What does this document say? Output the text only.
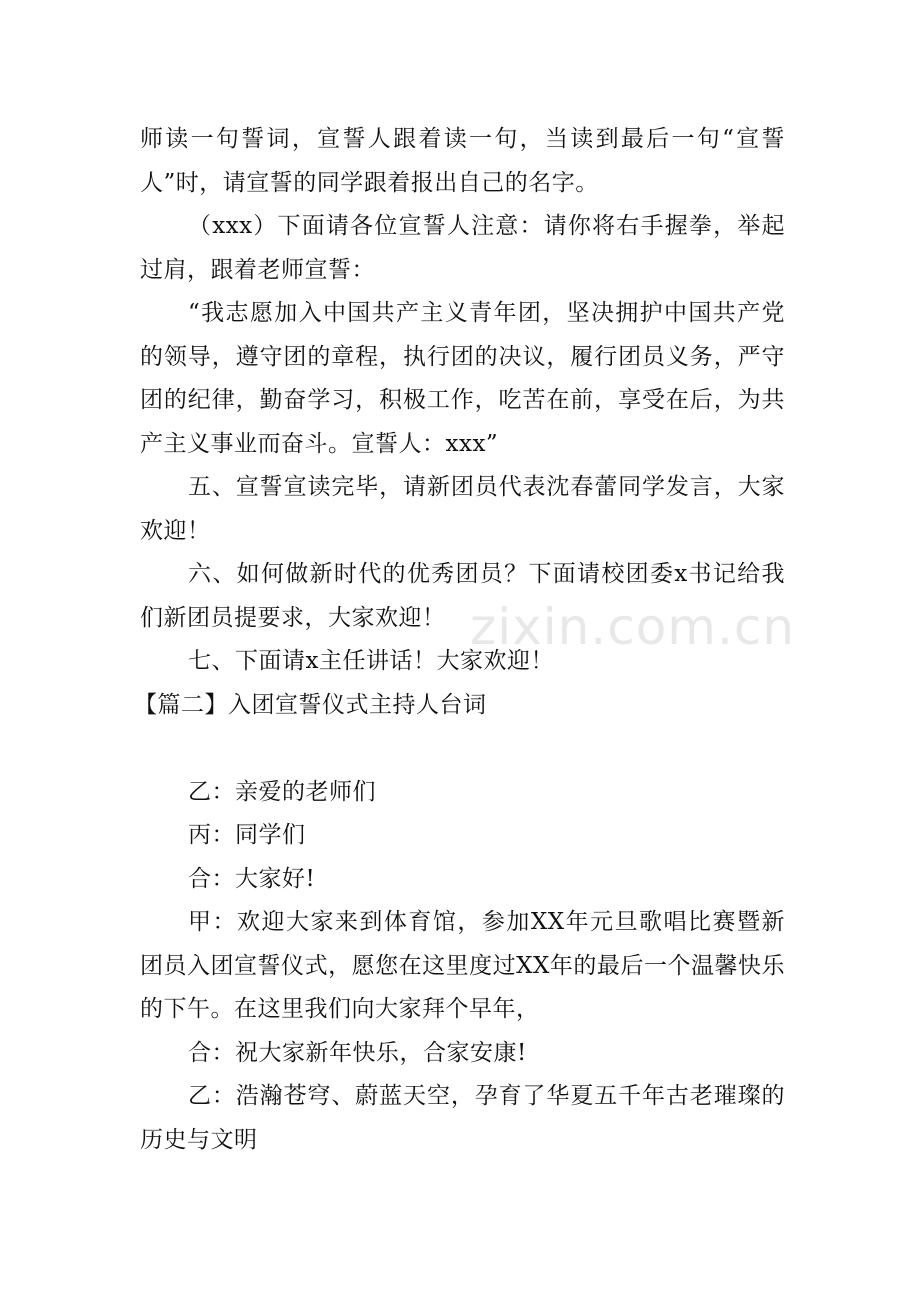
zixin.com.cn

师读一句誓词，宣誓人跟着读一句，当读到最后一句“宣誓人”时，请宣誓的同学跟着报出自己的名字。

（xxx）下面请各位宣誓人注意：请你将右手握拳，举起过肩，跟着老师宣誓：

“我志愿加入中国共产主义青年团，坚决拥护中国共产党的领导，遵守团的章程，执行团的决议，履行团员义务，严守团的纪律，勤奋学习，积极工作，吃苦在前，享受在后，为共产主义事业而奋斗。宣誓人：xxx”

五、宣誓宣读完毕，请新团员代表沈春蕾同学发言，大家欢迎！

六、如何做新时代的优秀团员？下面请校团委x书记给我们新团员提要求，大家欢迎！

七、下面请x主任讲话！大家欢迎！

【篇二】入团宣誓仪式主持人台词

乙：亲爱的老师们

丙：同学们

合：大家好!

甲：欢迎大家来到体育馆，参加XX年元旦歌唱比赛暨新团员入团宣誓仪式，愿您在这里度过XX年的最后一个温馨快乐的下午。在这里我们向大家拜个早年，

合：祝大家新年快乐，合家安康!

乙：浩瀚苍穹、蔚蓝天空，孕育了华夏五千年古老璀璨的历史与文明
